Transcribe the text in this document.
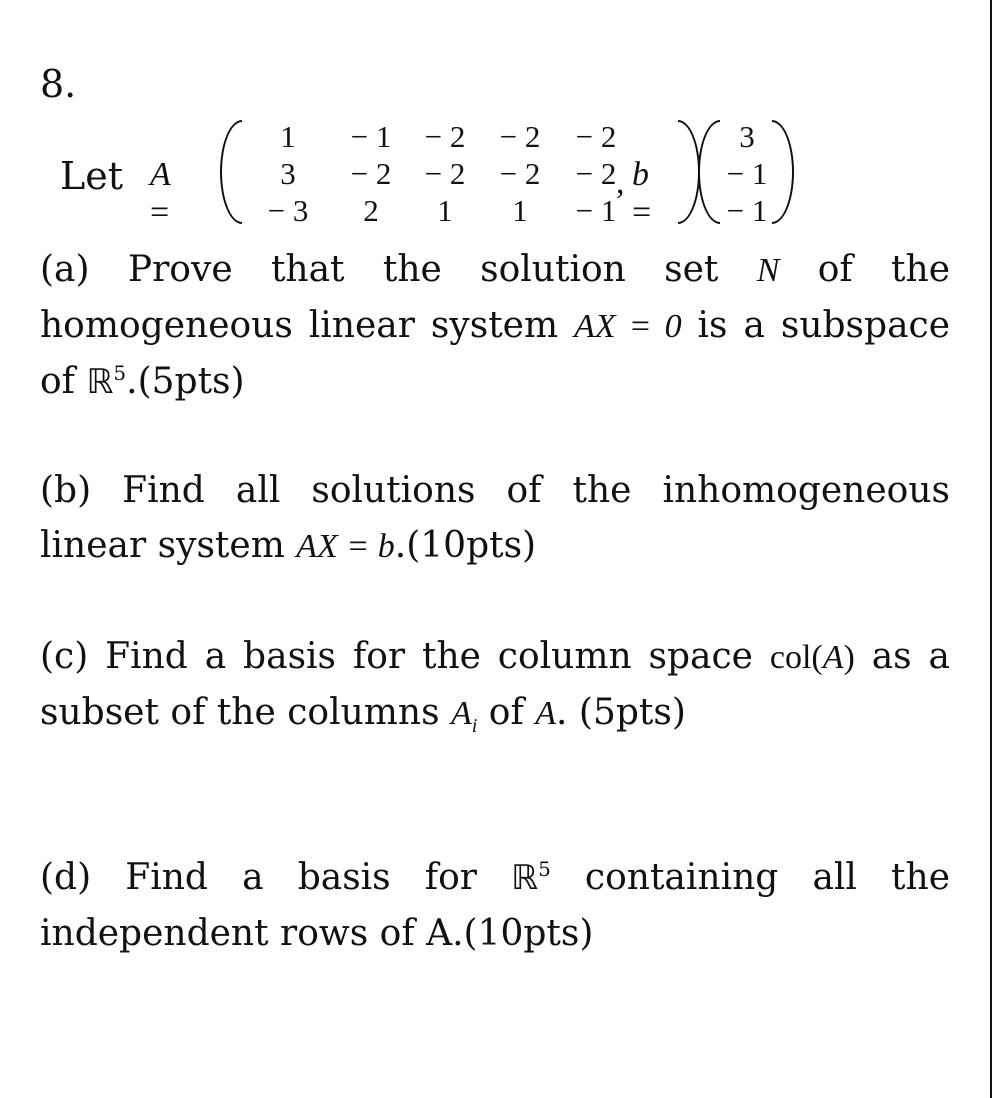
8.
Let A =
1	− 1	− 2	− 2	− 2
3	− 2	− 2	− 2	− 2
− 3	2	1	1	− 1
, b =
3
− 1
− 1
(a) Prove that the solution set N of the homogeneous linear system AX = 0 is a subspace of ℝ$^5$.(5pts)
(b) Find all solutions of the inhomogeneous linear system AX = b.(10pts)
(c) Find a basis for the column space col(A) as a subset of the columns $A_i$ of A. (5pts)
(d) Find a basis for ℝ$^5$ containing all the independent rows of A.(10pts)
